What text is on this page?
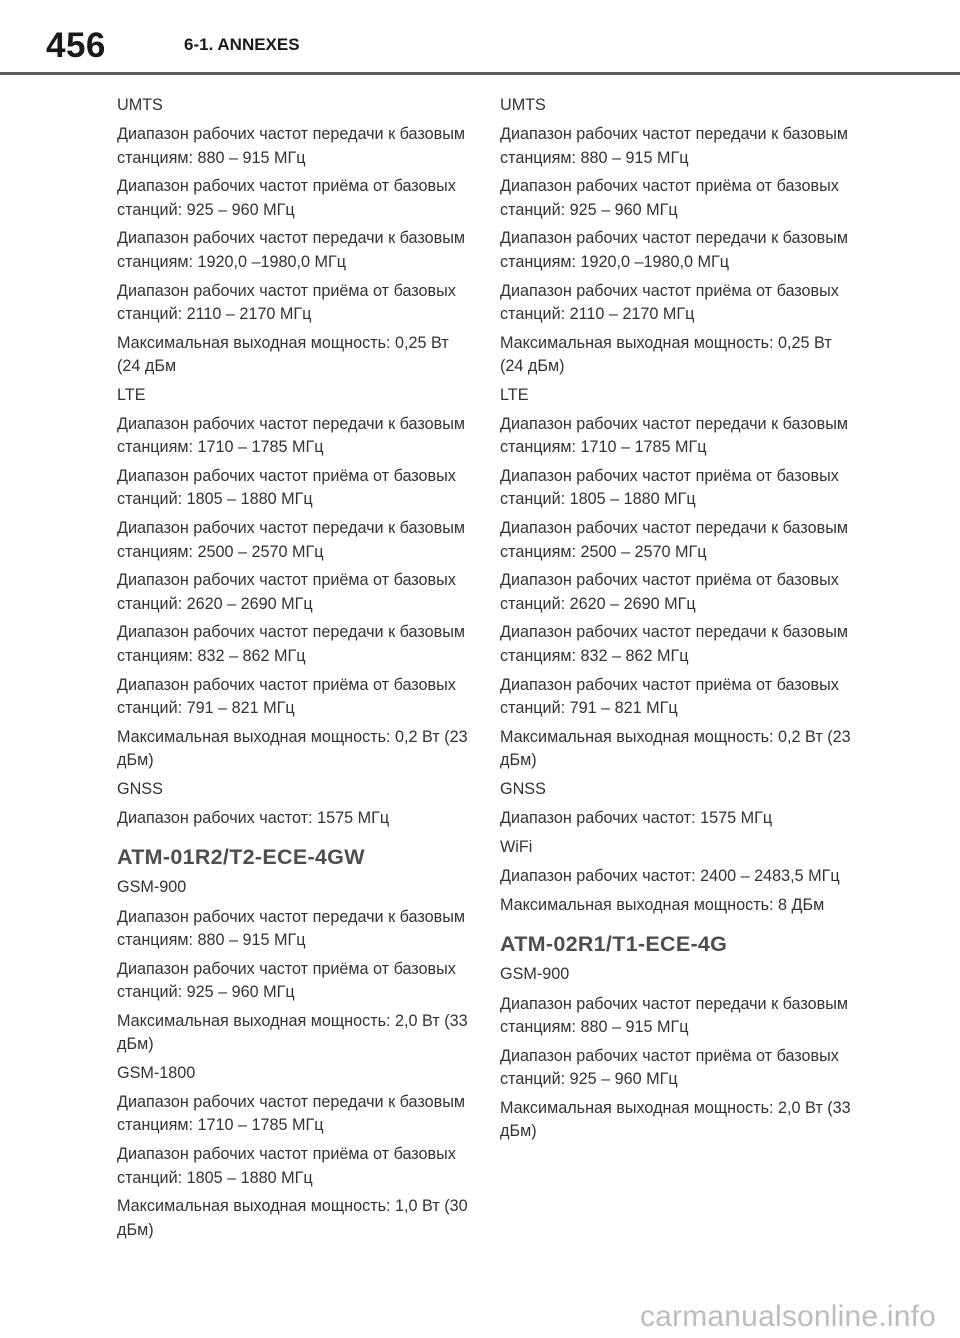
456	6-1. ANNEXES

UMTS

Диапазон рабочих частот передачи к базовым станциям: 880 – 915 МГц

Диапазон рабочих частот приёма от базовых станций: 925 – 960 МГц

Диапазон рабочих частот передачи к базовым станциям: 1920,0 –1980,0 МГц

Диапазон рабочих частот приёма от базовых станций: 2110 – 2170 МГц

Максимальная выходная мощность: 0,25 Вт (24 дБм

LTE

Диапазон рабочих частот передачи к базовым станциям: 1710 – 1785 МГц

Диапазон рабочих частот приёма от базовых станций: 1805 – 1880 МГц

Диапазон рабочих частот передачи к базовым станциям: 2500 – 2570 МГц

Диапазон рабочих частот приёма от базовых станций: 2620 – 2690 МГц

Диапазон рабочих частот передачи к базовым станциям: 832 – 862 МГц

Диапазон рабочих частот приёма от базовых станций: 791 – 821 МГц

Максимальная выходная мощность: 0,2 Вт (23 дБм)

GNSS

Диапазон рабочих частот: 1575 МГц

ATM-01R2/T2-ECE-4GW

GSM-900

Диапазон рабочих частот передачи к базовым станциям: 880 – 915 МГц

Диапазон рабочих частот приёма от базовых станций: 925 – 960 МГц

Максимальная выходная мощность: 2,0 Вт (33 дБм)

GSM-1800

Диапазон рабочих частот передачи к базовым станциям: 1710 – 1785 МГц

Диапазон рабочих частот приёма от базовых станций: 1805 – 1880 МГц

Максимальная выходная мощность: 1,0 Вт (30 дБм)

UMTS

Диапазон рабочих частот передачи к базовым станциям: 880 – 915 МГц

Диапазон рабочих частот приёма от базовых станций: 925 – 960 МГц

Диапазон рабочих частот передачи к базовым станциям: 1920,0 –1980,0 МГц

Диапазон рабочих частот приёма от базовых станций: 2110 – 2170 МГц

Максимальная выходная мощность: 0,25 Вт (24 дБм)

LTE

Диапазон рабочих частот передачи к базовым станциям: 1710 – 1785 МГц

Диапазон рабочих частот приёма от базовых станций: 1805 – 1880 МГц

Диапазон рабочих частот передачи к базовым станциям: 2500 – 2570 МГц

Диапазон рабочих частот приёма от базовых станций: 2620 – 2690 МГц

Диапазон рабочих частот передачи к базовым станциям: 832 – 862 МГц

Диапазон рабочих частот приёма от базовых станций: 791 – 821 МГц

Максимальная выходная мощность: 0,2 Вт (23 дБм)

GNSS

Диапазон рабочих частот: 1575 МГц

WiFi

Диапазон рабочих частот: 2400 – 2483,5 МГц

Максимальная выходная мощность: 8 ДБм

ATM-02R1/T1-ECE-4G

GSM-900

Диапазон рабочих частот передачи к базовым станциям: 880 – 915 МГц

Диапазон рабочих частот приёма от базовых станций: 925 – 960 МГц

Максимальная выходная мощность: 2,0 Вт (33 дБм)

carmanualsonline.info
